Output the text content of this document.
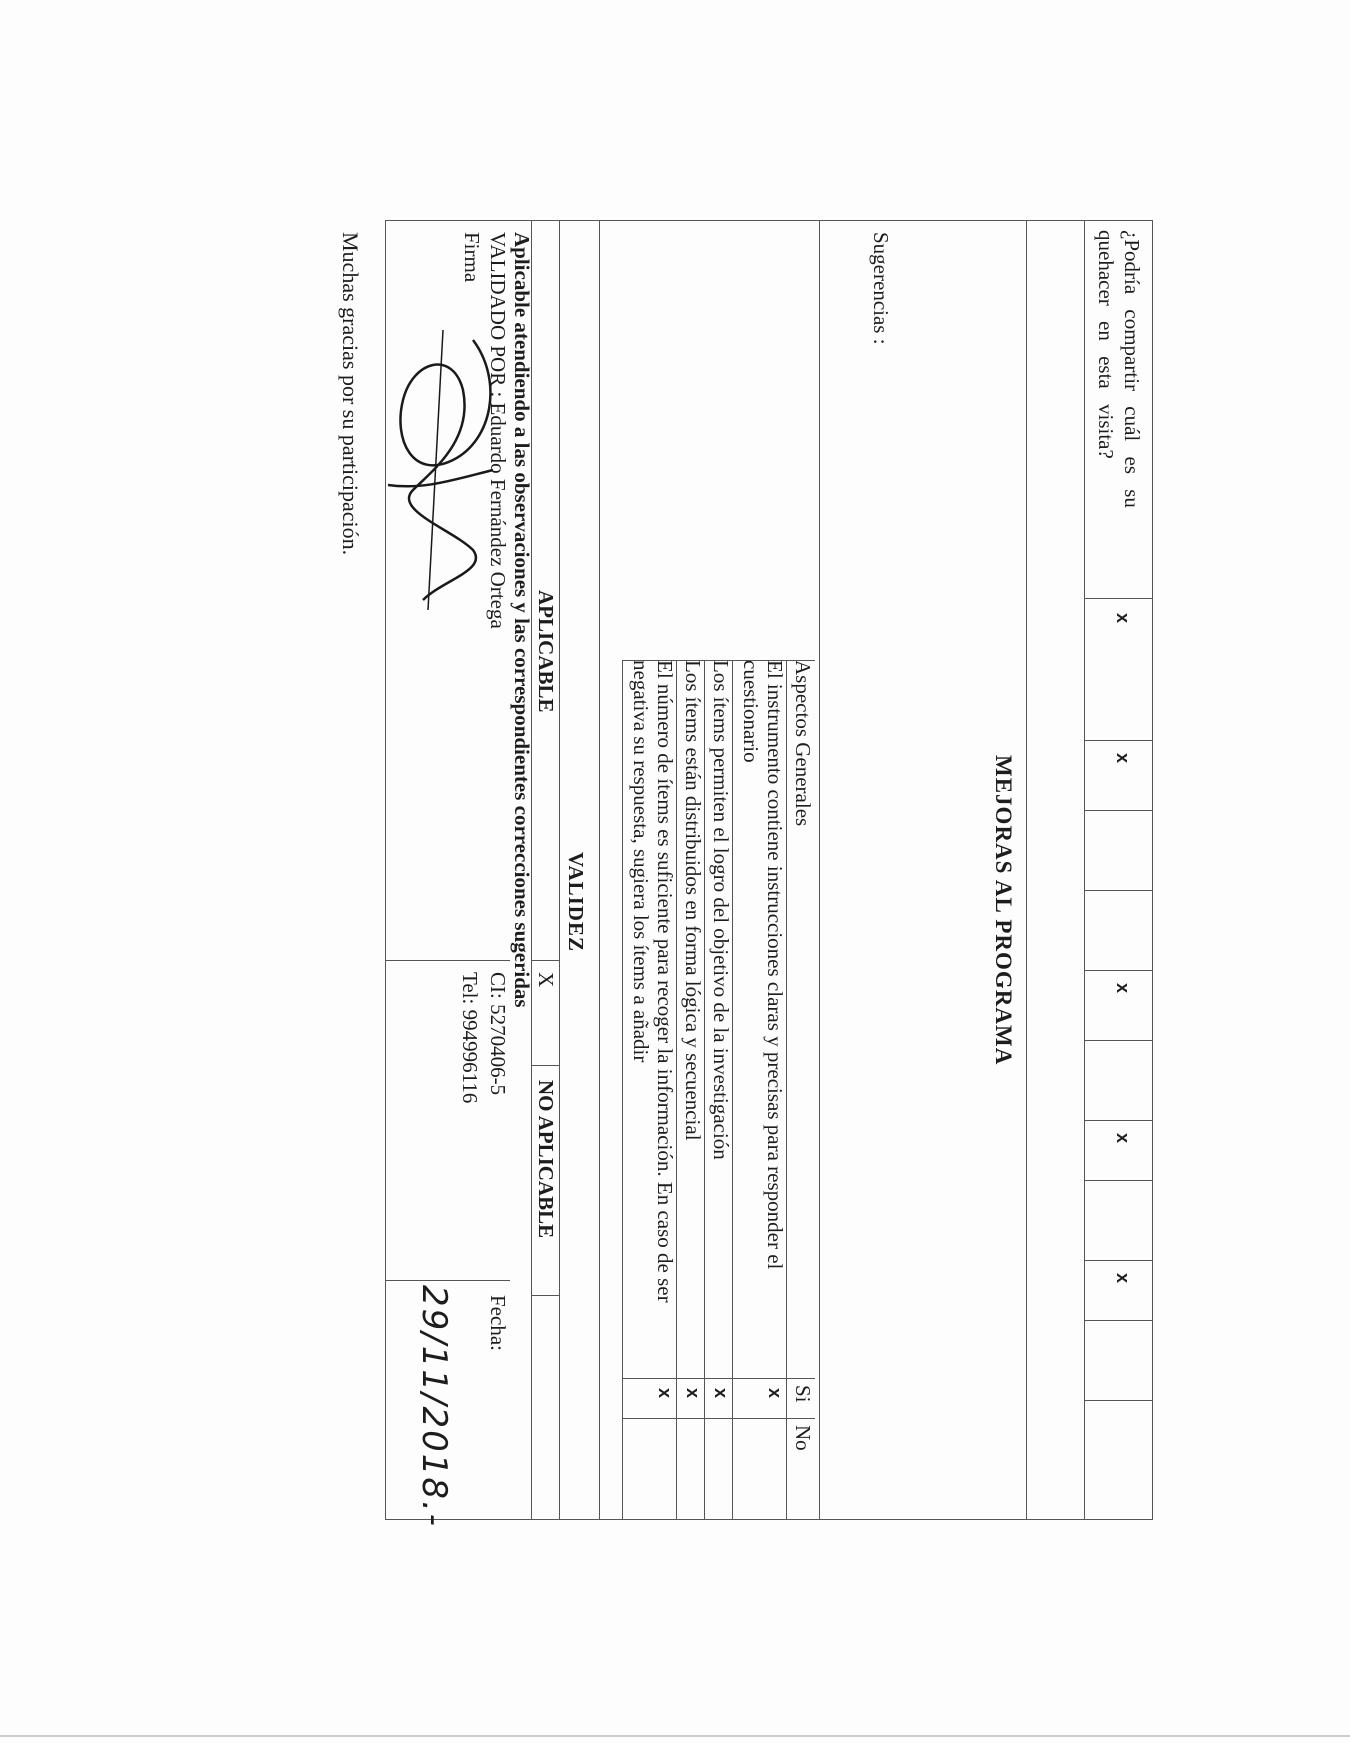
¿Podría compartir cuál es su quehacer en esta visita?
x
x
x
x
x
MEJORAS AL PROGRAMA
Sugerencias :
Aspectos Generales
Si
No
El instrumento contiene instrucciones claras y precisas para responder el cuestionario
x
Los ítems permiten el logro del objetivo de la investigación
x
Los ítems están distribuidos en forma lógica y secuencial
x
El número de ítems es suficiente para recoger la información. En caso de ser negativa su respuesta, sugiera los ítems a añadir
x
VALIDEZ
APLICABLE
X
NO APLICABLE
Aplicable atendiendo a las observaciones y las correspondientes correcciones sugeridas
VALIDADO POR : Eduardo Fernández Ortega
CI: 5270406-5
Fecha:
Firma
Tel: 994996116
29/11/2018.-
Muchas gracias por su participación.
